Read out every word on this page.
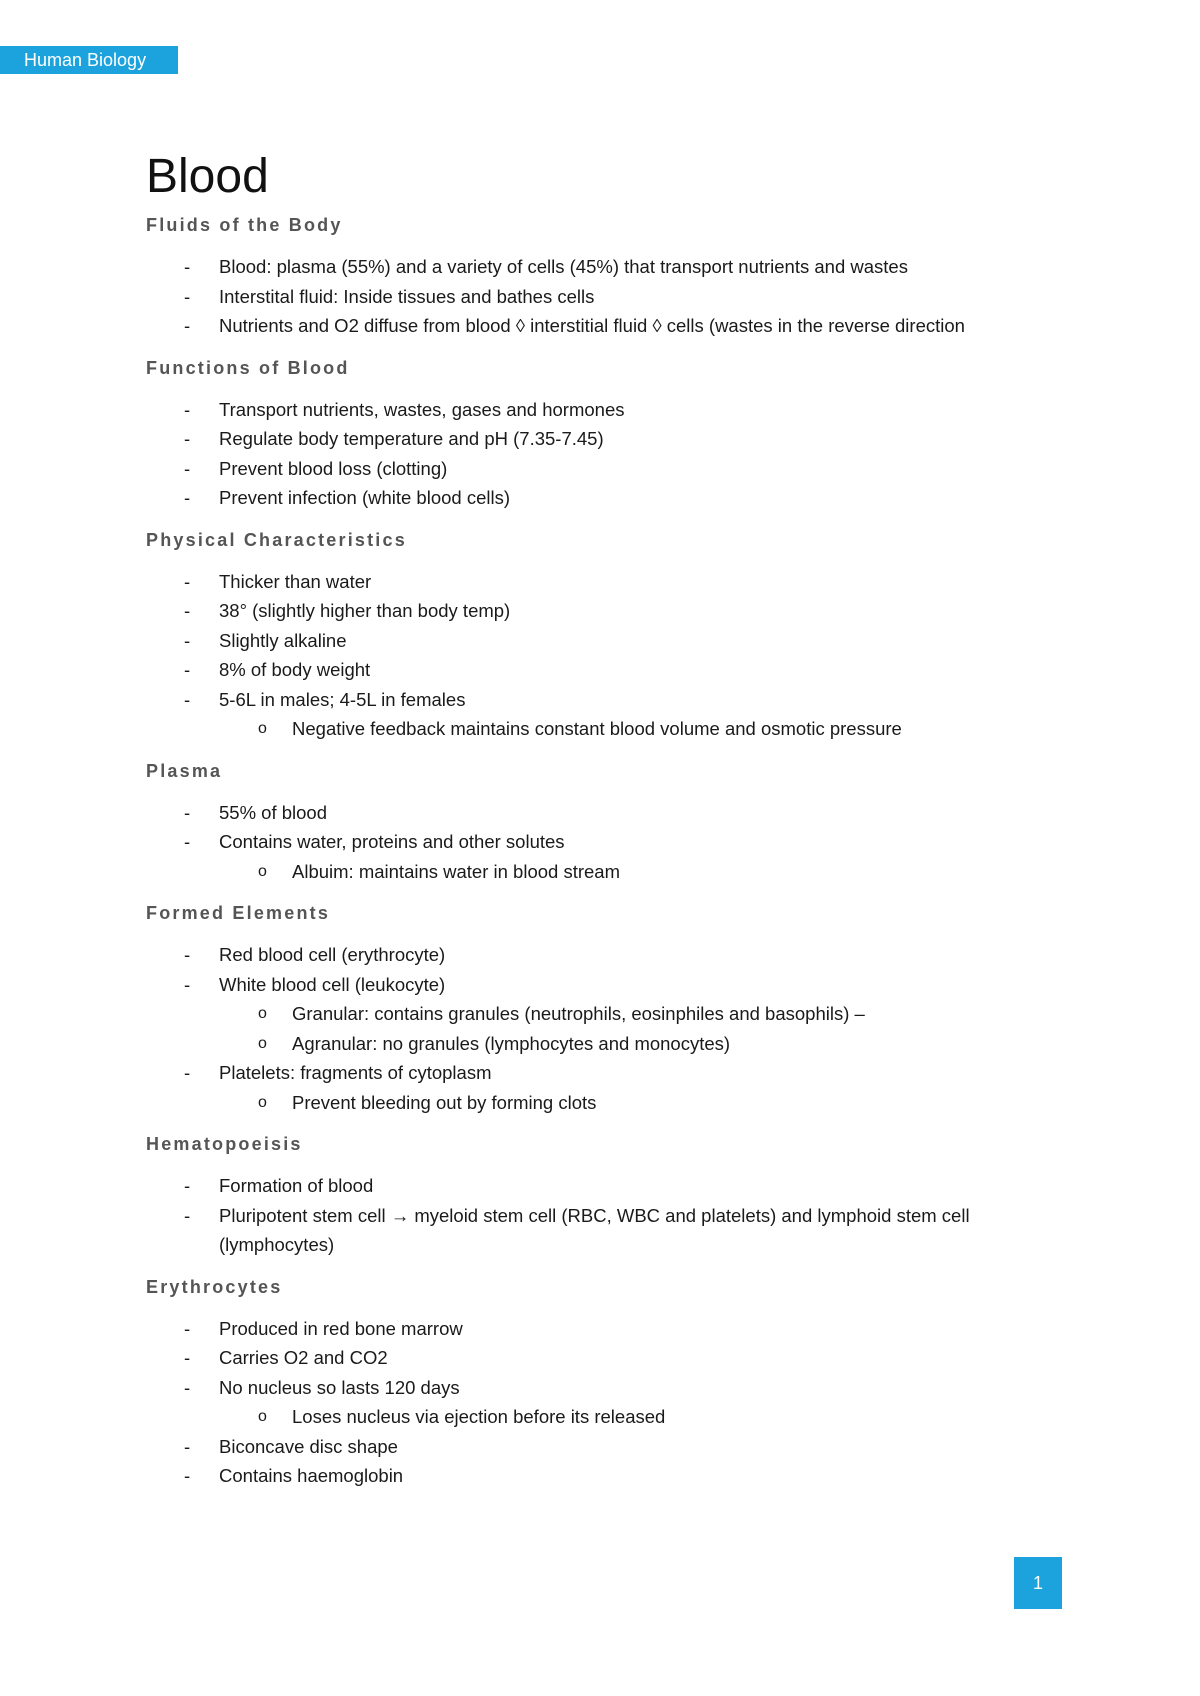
Human Biology
Blood
Fluids of the Body
- Blood: plasma (55%) and a variety of cells (45%) that transport nutrients and wastes
- Interstital fluid: Inside tissues and bathes cells
- Nutrients and O2 diffuse from blood ◊ interstitial fluid ◊ cells (wastes in the reverse direction
Functions of Blood
- Transport nutrients, wastes, gases and hormones
- Regulate body temperature and pH (7.35-7.45)
- Prevent blood loss (clotting)
- Prevent infection (white blood cells)
Physical Characteristics
- Thicker than water
- 38° (slightly higher than body temp)
- Slightly alkaline
- 8% of body weight
- 5-6L in males; 4-5L in females
o Negative feedback maintains constant blood volume and osmotic pressure
Plasma
- 55% of blood
- Contains water, proteins and other solutes
o Albuim: maintains water in blood stream
Formed Elements
- Red blood cell (erythrocyte)
- White blood cell (leukocyte)
o Granular: contains granules (neutrophils, eosinphiles and basophils) –
o Agranular: no granules (lymphocytes and monocytes)
- Platelets: fragments of cytoplasm
o Prevent bleeding out by forming clots
Hematopoeisis
- Formation of blood
- Pluripotent stem cell → myeloid stem cell (RBC, WBC and platelets) and lymphoid stem cell (lymphocytes)
Erythrocytes
- Produced in red bone marrow
- Carries O2 and CO2
- No nucleus so lasts 120 days
o Loses nucleus via ejection before its released
- Biconcave disc shape
- Contains haemoglobin
1
